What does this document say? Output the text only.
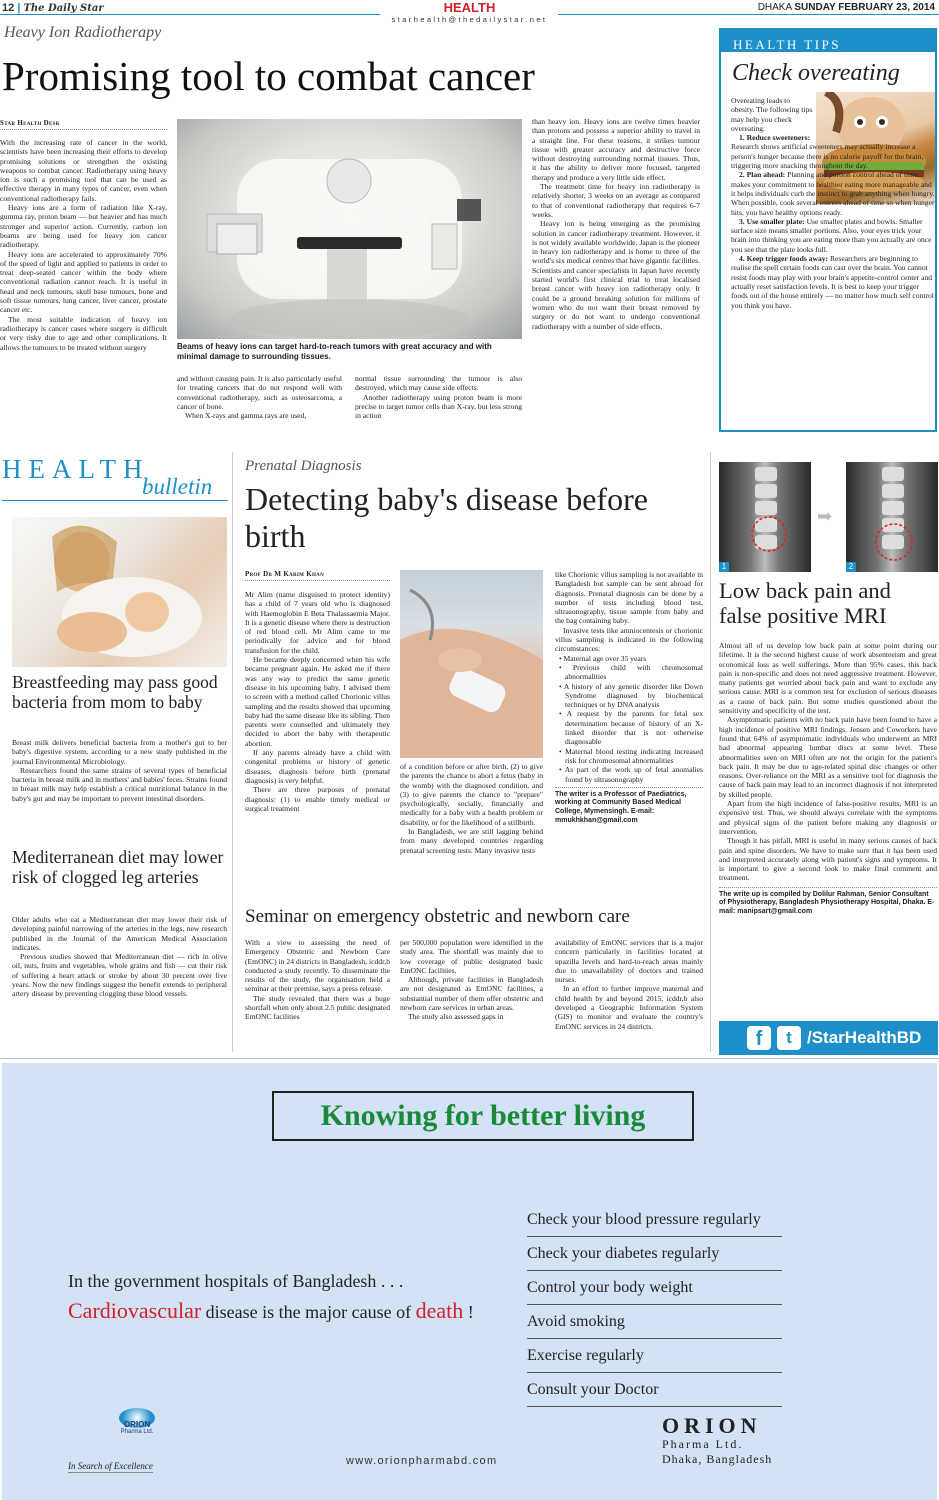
12 | The Daily Star	HEALTH
starhealth@thedailystar.net
DHAKA SUNDAY FEBRUARY 23, 2014
Heavy Ion Radiotherapy
Promising tool to combat cancer
Star Health Desk

With the increasing rate of cancer in the world, scientists have been increasing their efforts to develop promising solutions or strengthen the existing weapons to combat cancer. Radiotherapy using heavy ion is such a promising tool that can be used as effective therapy in many types of cancer, even when conventional radiotherapy fails.

Heavy ions are a form of radiation like X-ray, gumma ray, proton beam — but heavier and has much stronger and superior action. Currently, carbon ion beams are being used for heavy ion cancer radiotherapy.

Heavy ions are accelerated to approximately 70% of the speed of light and applied to patients in order to treat deep-seated cancer within the body where conventional radiation cannot reach. It is useful in head and neck tumours, skull base tumours, bone and soft tissue tumours, lung cancer, liver cancer, prostate cancer etc.

The most suitable indication of heavy ion radiotherapy is cancer cases where surgery is difficult or very risky due to age and other complications. It allows the tumours to be treated without surgery	Beams of heavy ions can target hard-to-reach tumors with great accuracy and with minimal damage to surrounding tissues.

and without causing pain. It is also particularly useful for treating cancers that do not respond well with conventional radiotherapy, such as osteosarcoma, a cancer of bone.

When X-rays and gamma rays are used,

normal tissue surrounding the tumour is also destroyed, which may cause side effects.

Another radiotherapy using proton beam is more precise to target tumor cells than X-ray, but less strong in action

than heavy ion. Heavy ions are twelve times heavier than protons and possess a superior ability to travel in a straight line. For these reasons, it strikes tumour tissue with greater accuracy and destructive force without destroying surrounding normal tissues. Thus, it has the ability to deliver more focused, targeted therapy and produce a very little side effect.

The treatment time for heavy ion radiotherapy is relatively shorter, 3 weeks on an average as compared to that of conventional radiotherapy that requires 6-7 weeks.

Heavy ion is being emerging as the promising solution in cancer radiotherapy treatment. However, it is not widely available worldwide. Japan is the pioneer in heavy ion radiotherapy and is home to three of the world's six medical centres that have gigantic facilities. Scientists and cancer specialists in Japan have recently started world's first clinical trial to treat localised breast cancer with heavy ion radiotherapy only. It could be a ground breaking solution for millions of women who do not want their breast removed by surgery or do not want to undergo conventional radiotherapy with a number of side effects.

HEALTH TIPS
Check overeating

Overeating leads to obesity. The following tips may help you check overeating.

1. Reduce sweeteners:

Research shows artificial sweeteners may actually increase a person's hunger because there is no calorie payoff for the brain, triggering more snacking throughout the day.

2. Plan ahead: Planning and portion control ahead of time makes your commitment to healthier eating more manageable and it helps individuals curb the instinct to grab anything when hungry. When possible, cook several entrees ahead of time so when hunger hits, you have healthy options ready.

3. Use smaller plate: Use smaller plates and bowls. Smaller surface size means smaller portions. Also, your eyes trick your brain into thinking you are eating more than you actually are once you see that the plate looks full.

4. Keep trigger foods away: Researchers are beginning to realise the spell certain foods can cast over the brain. You cannot resist foods may play with your brain's appetite-control center and actually reset satisfaction levels. It is best to keep your trigger foods out of the house entirely — no matter how much self control you think you have.

HEALTH
bulletin
Breastfeeding may pass good bacteria from mom to baby

Breast milk delivers beneficial bacteria from a mother's gut to her baby's digestive system, according to a new study published in the journal Environmental Microbiology.

Researchers found the same strains of several types of beneficial bacteria in breast milk and in mothers' and babies' feces. Strains found in breast milk may help establish a critical nutritional balance in the baby's gut and may be important to prevent intestinal disorders.

Mediterranean diet may lower risk of clogged leg arteries

Older adults who eat a Mediterranean diet may lower their risk of developing painful narrowing of the arteries in the legs, new research published in the Journal of the American Medical Association indicates.

Previous studies showed that Mediterranean diet — rich in olive oil, nuts, fruits and vegetables, whole grains and fish — cut their risk of suffering a heart attack or stroke by about 30 percent over five years. Now the new findings suggest the benefit extends to peripheral artery disease by preventing clogging these blood vessels.

Prenatal Diagnosis
Detecting baby's disease before birth
Prof Dr M Karim Khan

Mr Alim (name disguised to protect identity) has a child of 7 years old who is diagnosed with Haemoglobin E Beta Thalassaemia Major. It is a genetic disease where there is destruction of red blood cell. Mr Alim came to me periodically for advice and for blood transfusion for the child.

He became deeply concerned when his wife became pregnant again. He asked me if there was any way to predict the same genetic disease in his upcoming baby. I advised them to screen with a method called Chorionic villus sampling and the results showed that upcoming baby had the same disease like its sibling. Then parents were counselled and ultimately they decided to abort the baby with therapeutic abortion.

If any parents already have a child with congenital problems or history of genetic diseases, diagnosis before birth (prenatal diagnosis) is very helpful.

There are three purposes of prenatal diagnosis: (1) to enable timely medical or surgical treatment

of a condition before or after birth, (2) to give the parents the chance to abort a fetus (baby in the womb) with the diagnosed condition, and (3) to give parents the chance to "prepare" psychologically, socially, financially and medically for a baby with a health problem or disability, or for the likelihood of a stillbirth.

In Bangladesh, we are still lagging behind from many developed countries regarding prenatal screening tests. Many invasive tests

like Chorionic villus sampling is not available in Bangladesh but sample can be sent abroad for diagnosis. Prenatal diagnosis can be done by a number of tests including blood test, ultrasonography, tissue sample from baby and the bag containing baby.

Invasive tests like amniocentesis or chorionic villus sampling is indicated in the following circumstances:

• Maternal age over 35 years
• Previous child with chromosomal abnormalities
• A history of any genetic disorder like Down Syndrome diagnosed by biochemical techniques or by DNA analysis
• A request by the parents for fetal sex determination because of history of an X-linked disorder that is not otherwise diagnosable
• Maternal blood testing indicating increased risk for chromosomal abnormalities
• As part of the work up of fetal anomalies found by ultrasonography
The writer is a Professor of Paediatrics, working at Community Based Medical College, Mymensingh. E-mail: mmukhkhan@gmail.com
Seminar on emergency obstetric and newborn care

With a view to assessing the need of Emergency Obstetric and Newborn Care (EmONC) in 24 districts in Bangladesh, icddr,b conducted a study recently. To disseminate the results of the study, the organisation held a seminar at their premise, says a press release.

The study revealed that there was a huge shortfall when only about 2.5 public designated EmONC facilities

per 500,000 population were identified in the study area. The shortfall was mainly due to low coverage of public designated basic EmONC facilities.

Although, private facilities in Bangladesh are not designated as EmONC facilities, a substantial number of them offer obstetric and newborn care services in urban areas.

The study also assessed gaps in

availability of EmONC services that is a major concern particularly in facilities located at upazilla levels and hard-to-reach areas mainly due to unavailability of doctors and trained nurses.

In an effort to further improve maternal and child health by and beyond 2015, icddr,b also developed a Geographic Information System (GIS) to monitor and evaluate the country's EmONC services in 24 districts.

➡
1	2
Low back pain and false positive MRI

Almost all of us develop low back pain at some point during our lifetime. It is the second highest cause of work absenteeism and great economical loss as well sufferings. More than 95% cases, this back pain is non-specific and does not need aggressive treatment. However, many patients get worried about back pain and want to exclude any serious cause. MRI is a common test for exclusion of serious diseases as a cause of back pain. But some studies questioned about the sensitivity and specificity of the test.

Asymptomatic patients with no back pain have been found to have a high incidence of positive MRI findings. Jensen and Coworkers have found that 64% of asymptomatic individuals who underwent an MRI had abnormal appearing lumbar discs at some level. These abnormalities seen on MRI often are not the origin for the patient's back pain. It may be due to age-related spinal disc changes or other reasons. Over-reliance on the MRI as a sensitive tool for diagnosis the cause of back pain may lead to an incorrect diagnosis if not interpreted by skilled people.

Apart from the high incidence of false-positive results, MRI is an expensive test. Thus, we should always correlate with the symptoms and physical signs of the patient before making any diagnosis or intervention.

Though it has pitfall, MRI is useful in many serious causes of back pain and spine disorders. We have to make sure that it has been used and interpreted accurately along with patient's signs and symptoms. It is important to give a second look to make final comment and treatment.

The write up is compiled by Dolilur Rahman, Senior Consultant of Physiotherapy, Bangladesh Physiotherapy Hospital, Dhaka. E-mail: manipsart@gmail.com
f	t /StarHealthBD
Knowing for better living
Check your blood pressure regularly
Check your diabetes regularly
Control your body weight
Avoid smoking
Exercise regularly
Consult your Doctor
In the government hospitals of Bangladesh . . .
Cardiovascular disease is the major cause of death !
ORION
Pharma Ltd.
In Search of Excellence	www.orionpharmabd.com
ORION
Pharma Ltd.
Dhaka, Bangladesh
